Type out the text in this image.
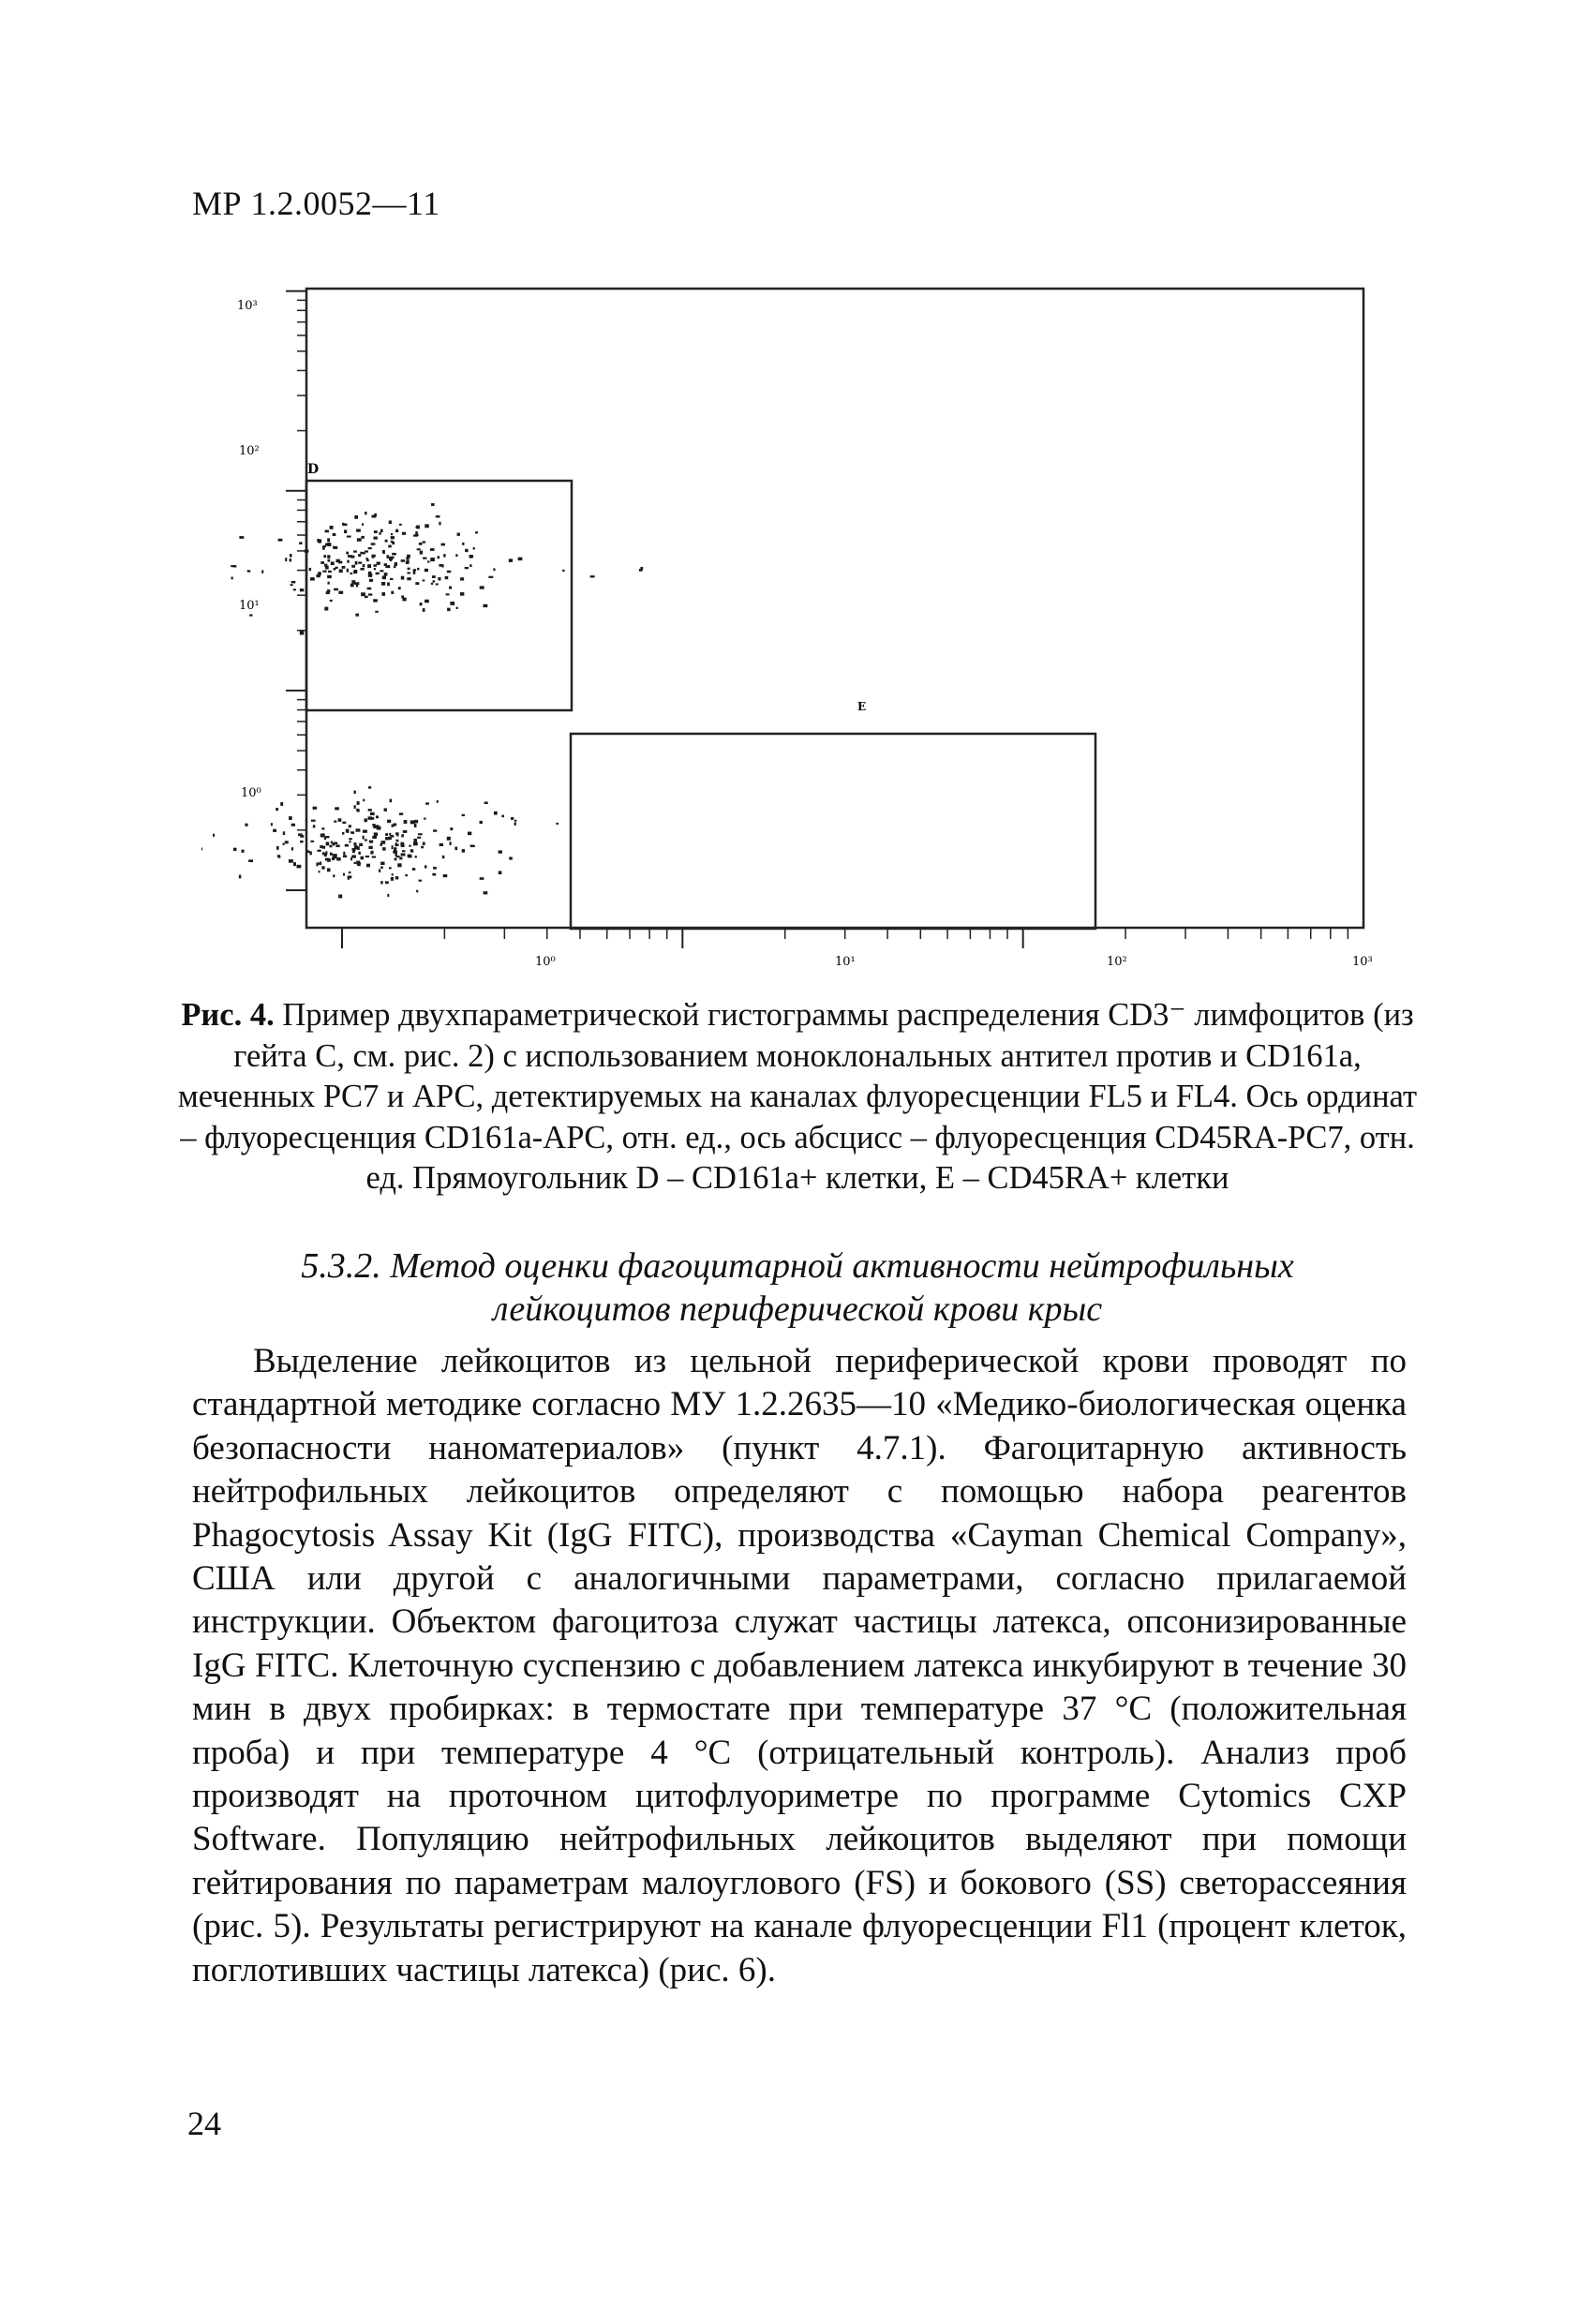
МР 1.2.0052—11
10³
10²
10¹
10⁰
10⁰	10¹	10²	10³
D
E
Рис. 4. Пример двухпараметрической гистограммы распределения CD3⁻ лимфоцитов (из гейта С, см. рис. 2) с использованием моноклональных антител против и CD161а, меченных PC7 и АРС, детектируемых на каналах флуоресценции FL5 и FL4. Ось ординат – флуоресценция CD161a-APC, отн. ед., ось абсцисс – флуоресценция CD45RA-PC7, отн. ед. Прямоугольник D – CD161a+ клетки, Е – CD45RA+ клетки
5.3.2. Метод оценки фагоцитарной активности нейтрофильных
лейкоцитов периферической крови крыс
Выделение лейкоцитов из цельной периферической крови проводят по стандартной методике согласно МУ 1.2.2635—10 «Медико-биологическая оценка безопасности наноматериалов» (пункт 4.7.1). Фагоцитарную активность нейтрофильных лейкоцитов определяют с помощью набора реагентов Phagocytosis Assay Kit (IgG FITC), производства «Cayman Chemical Company», США или другой с аналогичными параметрами, согласно прилагаемой инструкции. Объектом фагоцитоза служат частицы латекса, опсонизированные IgG FITC. Клеточную суспензию с добавлением латекса инкубируют в течение 30 мин в двух пробирках: в термостате при температуре 37 °С (положительная проба) и при температуре 4 °С (отрицательный контроль). Анализ проб производят на проточном цитофлуориметре по программе Cytomics CXP Software. Популяцию нейтрофильных лейкоцитов выделяют при помощи гейтирования по параметрам малоуглового (FS) и бокового (SS) светорассеяния (рис. 5). Результаты регистрируют на канале флуоресценции Fl1 (процент клеток, поглотивших частицы латекса) (рис. 6).
24
